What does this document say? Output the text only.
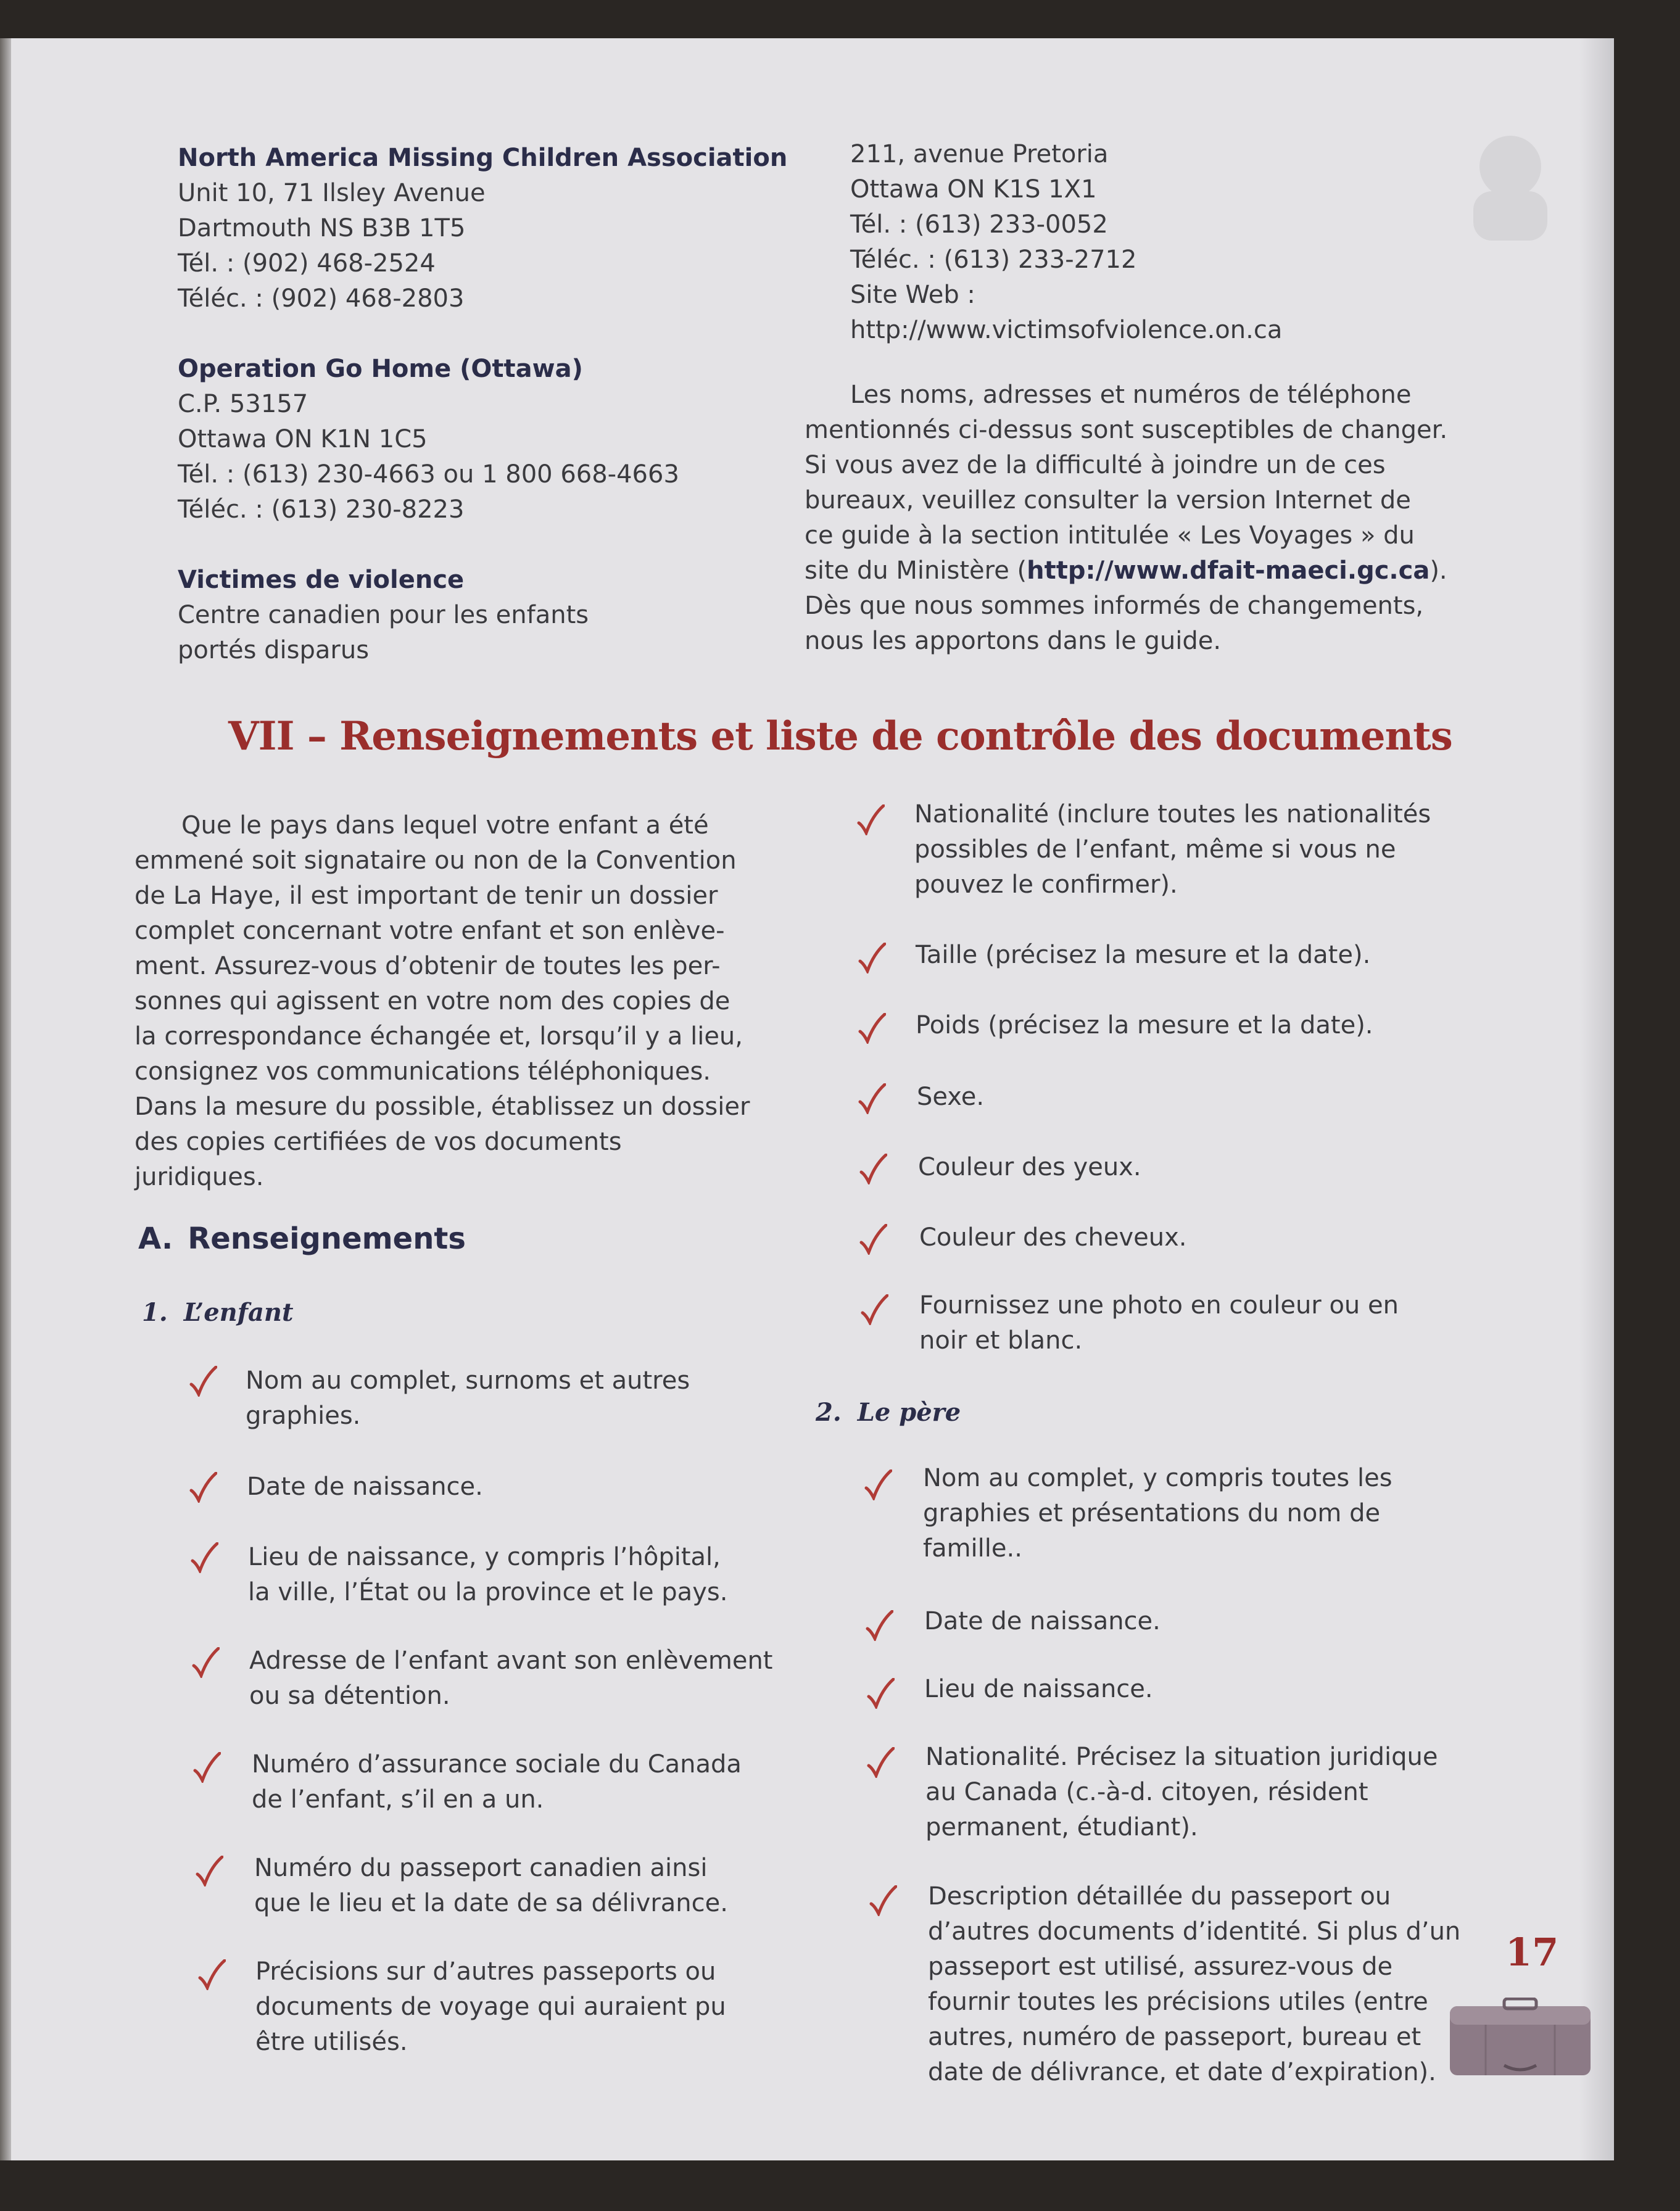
North America Missing Children Association
Unit 10, 71 Ilsley Avenue
Dartmouth NS B3B 1T5
Tél. : (902) 468-2524
Téléc. : (902) 468-2803
Operation Go Home (Ottawa)
C.P. 53157
Ottawa ON K1N 1C5
Tél. : (613) 230-4663 ou 1 800 668-4663
Téléc. : (613) 230-8223
Victimes de violence
Centre canadien pour les enfants
portés disparus
211, avenue Pretoria
Ottawa ON K1S 1X1
Tél. : (613) 233-0052
Téléc. : (613) 233-2712
Site Web :
http://www.victimsofviolence.on.ca
Les noms, adresses et numéros de téléphone
mentionnés ci-dessus sont susceptibles de changer.
Si vous avez de la difficulté à joindre un de ces
bureaux, veuillez consulter la version Internet de
ce guide à la section intitulée « Les Voyages » du
site du Ministère (http://www.dfait-maeci.gc.ca).
Dès que nous sommes informés de changements,
nous les apportons dans le guide.
VII – Renseignements et liste de contrôle des documents
Que le pays dans lequel votre enfant a été
emmené soit signataire ou non de la Convention
de La Haye, il est important de tenir un dossier
complet concernant votre enfant et son enlève-
ment. Assurez-vous d’obtenir de toutes les per-
sonnes qui agissent en votre nom des copies de
la correspondance échangée et, lorsqu’il y a lieu,
consignez vos communications téléphoniques.
Dans la mesure du possible, établissez un dossier
des copies certifiées de vos documents
juridiques.
A. Renseignements
1. L’enfant
Nom au complet, surnoms et autres
graphies.
Date de naissance.
Lieu de naissance, y compris l’hôpital,
la ville, l’État ou la province et le pays.
Adresse de l’enfant avant son enlèvement
ou sa détention.
Numéro d’assurance sociale du Canada
de l’enfant, s’il en a un.
Numéro du passeport canadien ainsi
que le lieu et la date de sa délivrance.
Précisions sur d’autres passeports ou
documents de voyage qui auraient pu
être utilisés.
Nationalité (inclure toutes les nationalités
possibles de l’enfant, même si vous ne
pouvez le confirmer).
Taille (précisez la mesure et la date).
Poids (précisez la mesure et la date).
Sexe.
Couleur des yeux.
Couleur des cheveux.
Fournissez une photo en couleur ou en
noir et blanc.
2. Le père
Nom au complet, y compris toutes les
graphies et présentations du nom de
famille..
Date de naissance.
Lieu de naissance.
Nationalité. Précisez la situation juridique
au Canada (c.-à-d. citoyen, résident
permanent, étudiant).
Description détaillée du passeport ou
d’autres documents d’identité. Si plus d’un
passeport est utilisé, assurez-vous de
fournir toutes les précisions utiles (entre
autres, numéro de passeport, bureau et
date de délivrance, et date d’expiration).
17
